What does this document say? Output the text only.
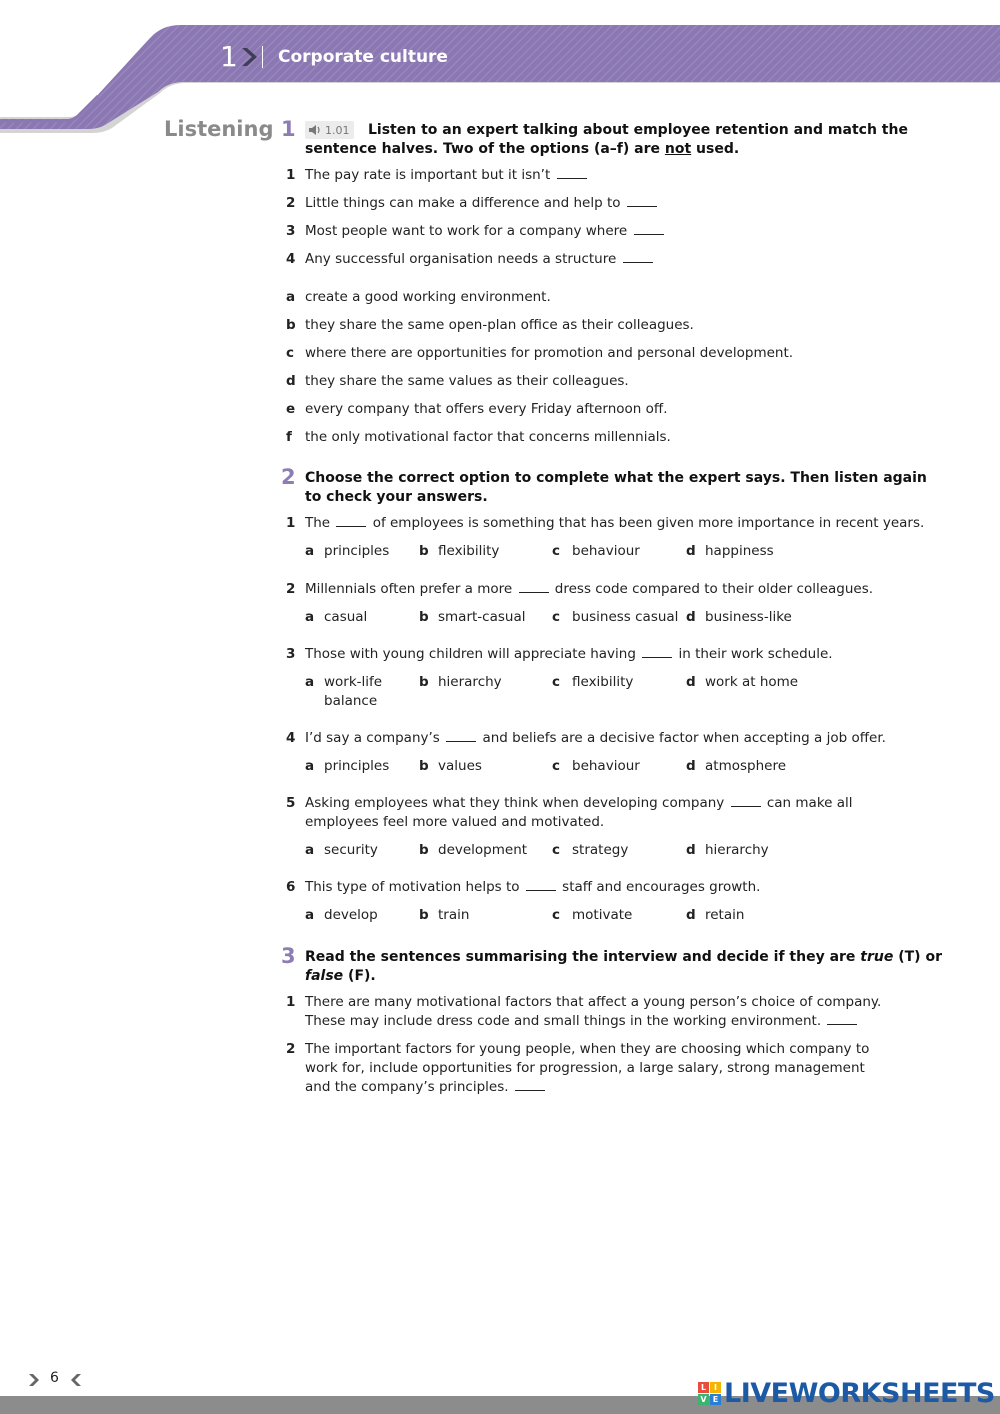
1 Corporate culture
Listening 1	1.01 Listen to an expert talking about employee retention and match the
sentence halves. Two of the options (a–f) are not used.
1 The pay rate is important but it isn’t
2 Little things can make a difference and help to
3 Most people want to work for a company where
4 Any successful organisation needs a structure
a create a good working environment.
b they share the same open-plan office as their colleagues.
c where there are opportunities for promotion and personal development.
d they share the same values as their colleagues.
e every company that offers every Friday afternoon off.
f the only motivational factor that concerns millennials.
2 Choose the correct option to complete what the expert says. Then listen again
to check your answers.
1 The	of employees is something that has been given more importance in recent years.
a principles b flexibility	c behaviour	d happiness
2 Millennials often prefer a more	dress code compared to their older colleagues.
a casual	b smart-casual c business casual d business-like
3 Those with young children will appreciate having	in their work schedule.
a work-life
balance
b hierarchy	c flexibility	d work at home
4 I’d say a company’s	and beliefs are a decisive factor when accepting a job offer.
a principles b values	c behaviour	d atmosphere
5 Asking employees what they think when developing company	can make all
employees feel more valued and motivated.
a security	b development c strategy	d hierarchy
6 This type of motivation helps to	staff and encourages growth.
a develop	b train	c motivate	d retain
3 Read the sentences summarising the interview and decide if they are true (T) or
false (F).
1 There are many motivational factors that affect a young person’s choice of company.
These may include dress code and small things in the working environment.
2 The important factors for young people, when they are choosing which company to
work for, include opportunities for progression, a large salary, strong management
and the company’s principles.
6
L I
V E LIVEWORKSHEETS
